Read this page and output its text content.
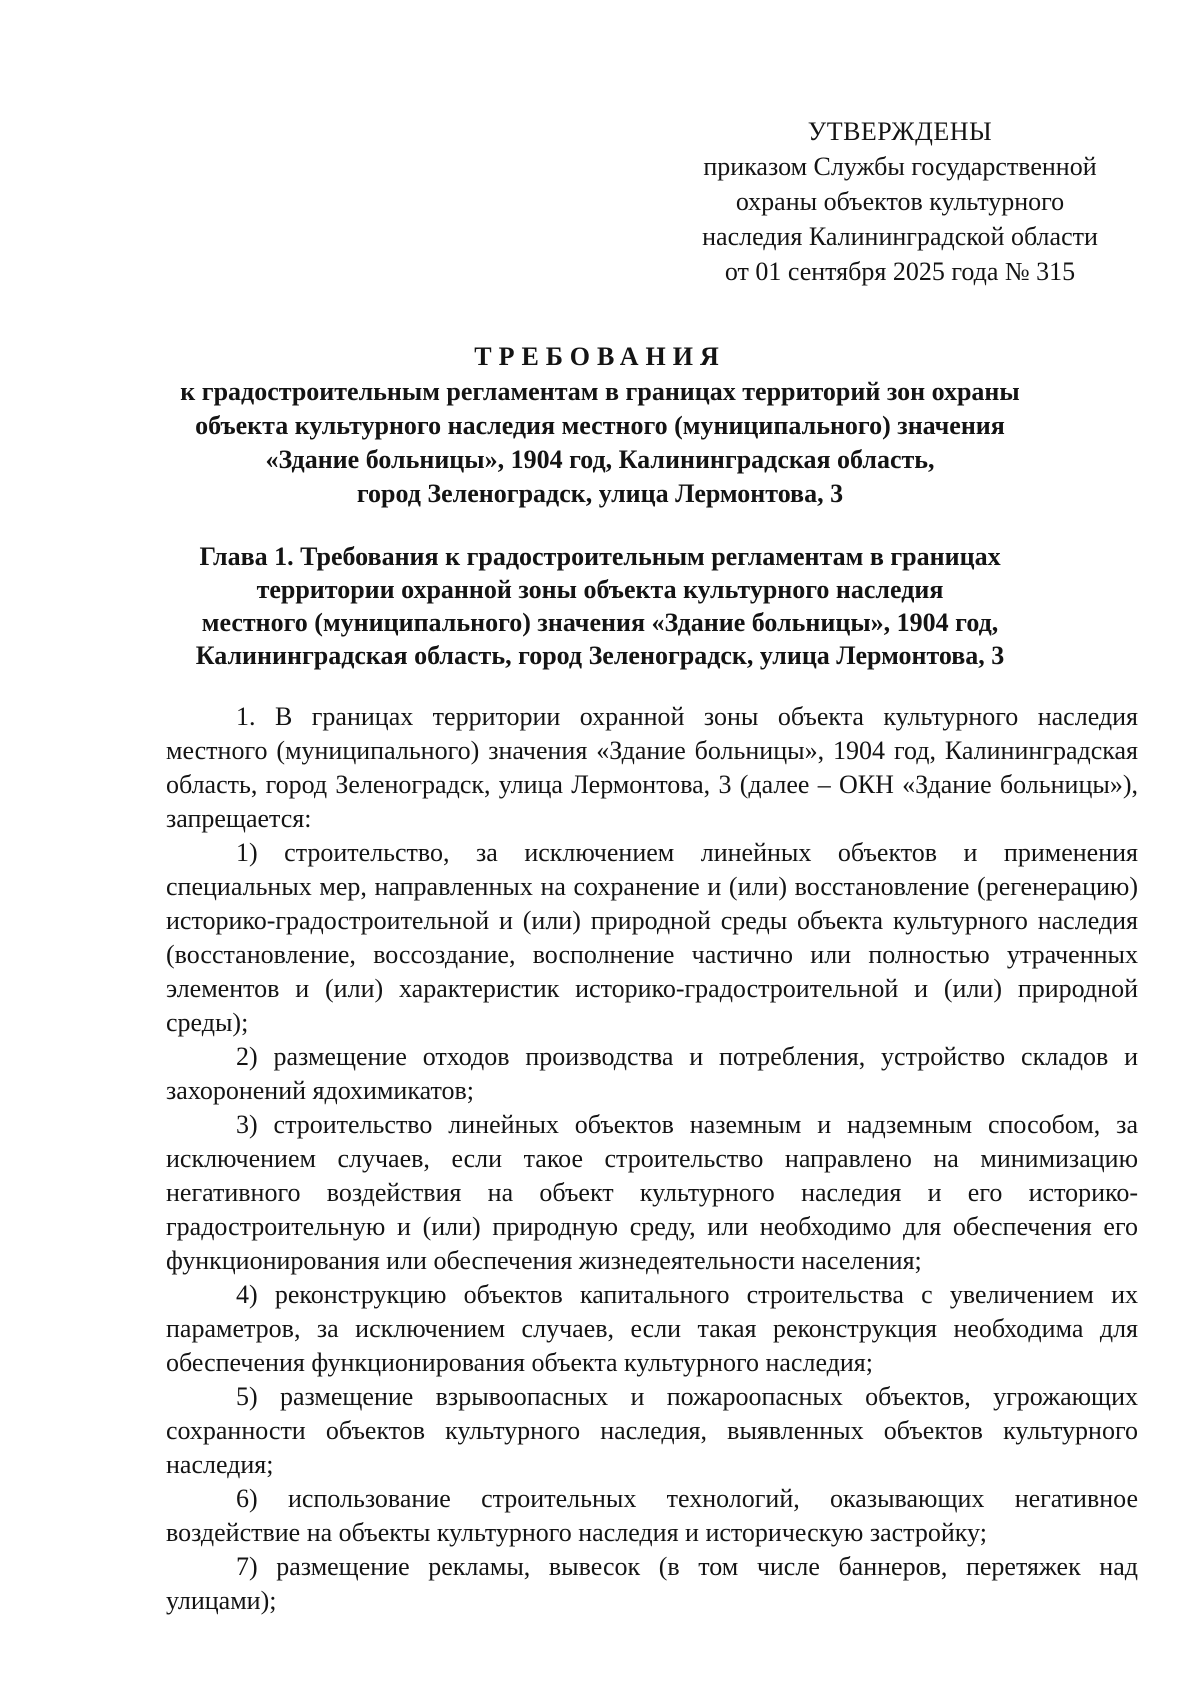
УТВЕРЖДЕНЫ
приказом Службы государственной
охраны объектов культурного
наследия Калининградской области
от 01 сентября 2025 года № 315
ТРЕБОВАНИЯ
к градостроительным регламентам в границах территорий зон охраны
объекта культурного наследия местного (муниципального) значения
«Здание больницы», 1904 год, Калининградская область,
город Зеленоградск, улица Лермонтова, 3
Глава 1. Требования к градостроительным регламентам в границах
территории охранной зоны объекта культурного наследия
местного (муниципального) значения «Здание больницы», 1904 год,
Калининградская область, город Зеленоградск, улица Лермонтова, 3

1. В границах территории охранной зоны объекта культурного наследия местного (муниципального) значения «Здание больницы», 1904 год, Калининградская область, город Зеленоградск, улица Лермонтова, 3 (далее – ОКН «Здание больницы»), запрещается:

1) строительство, за исключением линейных объектов и применения специальных мер, направленных на сохранение и (или) восстановление (регенерацию) историко-градостроительной и (или) природной среды объекта культурного наследия (восстановление, воссоздание, восполнение частично или полностью утраченных элементов и (или) характеристик историко-градостроительной и (или) природной среды);

2) размещение отходов производства и потребления, устройство складов и захоронений ядохимикатов;

3) строительство линейных объектов наземным и надземным способом, за исключением случаев, если такое строительство направлено на минимизацию негативного воздействия на объект культурного наследия и его историко-градостроительную и (или) природную среду, или необходимо для обеспечения его функционирования или обеспечения жизнедеятельности населения;

4) реконструкцию объектов капитального строительства с увеличением их параметров, за исключением случаев, если такая реконструкция необходима для обеспечения функционирования объекта культурного наследия;

5) размещение взрывоопасных и пожароопасных объектов, угрожающих сохранности объектов культурного наследия, выявленных объектов культурного наследия;

6) использование строительных технологий, оказывающих негативное воздействие на объекты культурного наследия и историческую застройку;

7) размещение рекламы, вывесок (в том числе баннеров, перетяжек над улицами);
